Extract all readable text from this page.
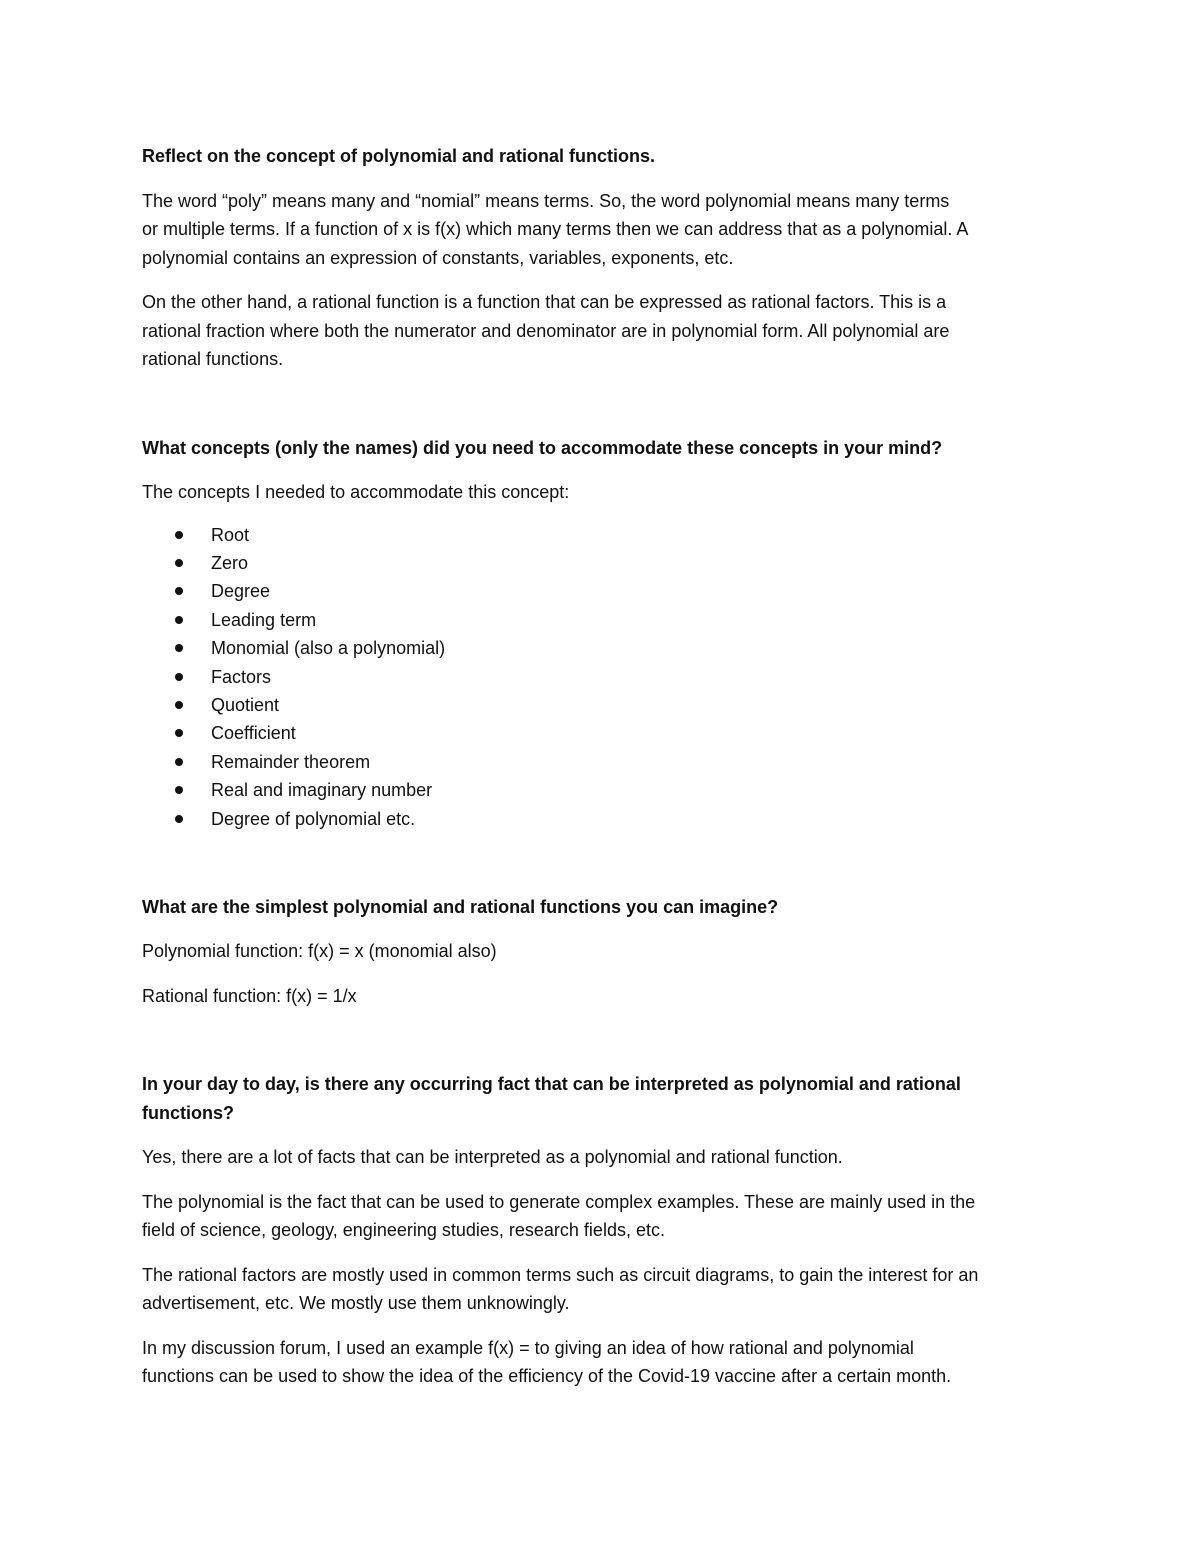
Reflect on the concept of polynomial and rational functions.

The word “poly” means many and “nomial” means terms. So, the word polynomial means many terms

or multiple terms. If a function of x is f(x) which many terms then we can address that as a polynomial. A

polynomial contains an expression of constants, variables, exponents, etc.

On the other hand, a rational function is a function that can be expressed as rational factors. This is a

rational fraction where both the numerator and denominator are in polynomial form. All polynomial are

rational functions.

What concepts (only the names) did you need to accommodate these concepts in your mind?

The concepts I needed to accommodate this concept:

Root
Zero
Degree
Leading term
Monomial (also a polynomial)
Factors
Quotient
Coefficient
Remainder theorem
Real and imaginary number
Degree of polynomial etc.

What are the simplest polynomial and rational functions you can imagine?

Polynomial function: f(x) = x (monomial also)

Rational function: f(x) = 1/x

In your day to day, is there any occurring fact that can be interpreted as polynomial and rational

functions?

Yes, there are a lot of facts that can be interpreted as a polynomial and rational function.

The polynomial is the fact that can be used to generate complex examples. These are mainly used in the

field of science, geology, engineering studies, research fields, etc.

The rational factors are mostly used in common terms such as circuit diagrams, to gain the interest for an

advertisement, etc. We mostly use them unknowingly.

In my discussion forum, I used an example f(x) = to giving an idea of how rational and polynomial

functions can be used to show the idea of the efficiency of the Covid-19 vaccine after a certain month.
